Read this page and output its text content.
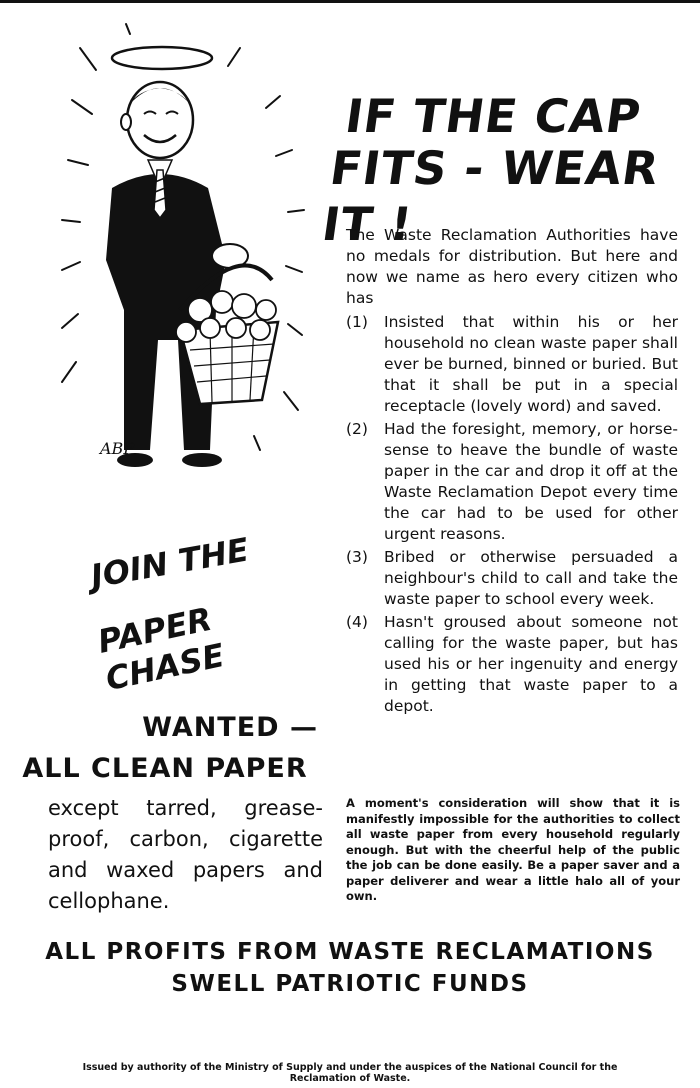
ABP
IF THE CAP
FITS - WEAR IT !
The Waste Reclamation Authorities have no medals for distribution. But here and now we name as hero every citizen who has
(1) Insisted that within his or her household no clean waste paper shall ever be burned, binned or buried. But that it shall be put in a special receptacle (lovely word) and saved.
(2) Had the foresight, memory, or horse-sense to heave the bundle of waste paper in the car and drop it off at the Waste Reclamation Depot every time the car had to be used for other urgent reasons.
(3) Bribed or otherwise persuaded a neighbour's child to call and take the waste paper to school every week.
(4) Hasn't groused about someone not calling for the waste paper, but has used his or her ingenuity and energy in getting that waste paper to a depot.
A moment's consideration will show that it is manifestly impossible for the authorities to collect all waste paper from every household regularly enough. But with the cheerful help of the public the job can be done easily. Be a paper saver and a paper deliverer and wear a little halo all of your own.
JOIN THE
PAPER CHASE
WANTED —
ALL CLEAN PAPER
except tarred, grease-proof, carbon, cigarette and waxed papers and cellophane.
ALL PROFITS FROM WASTE RECLAMATIONS
SWELL PATRIOTIC FUNDS
Issued by authority of the Ministry of Supply and under the auspices of the National Council for the
Reclamation of Waste.
